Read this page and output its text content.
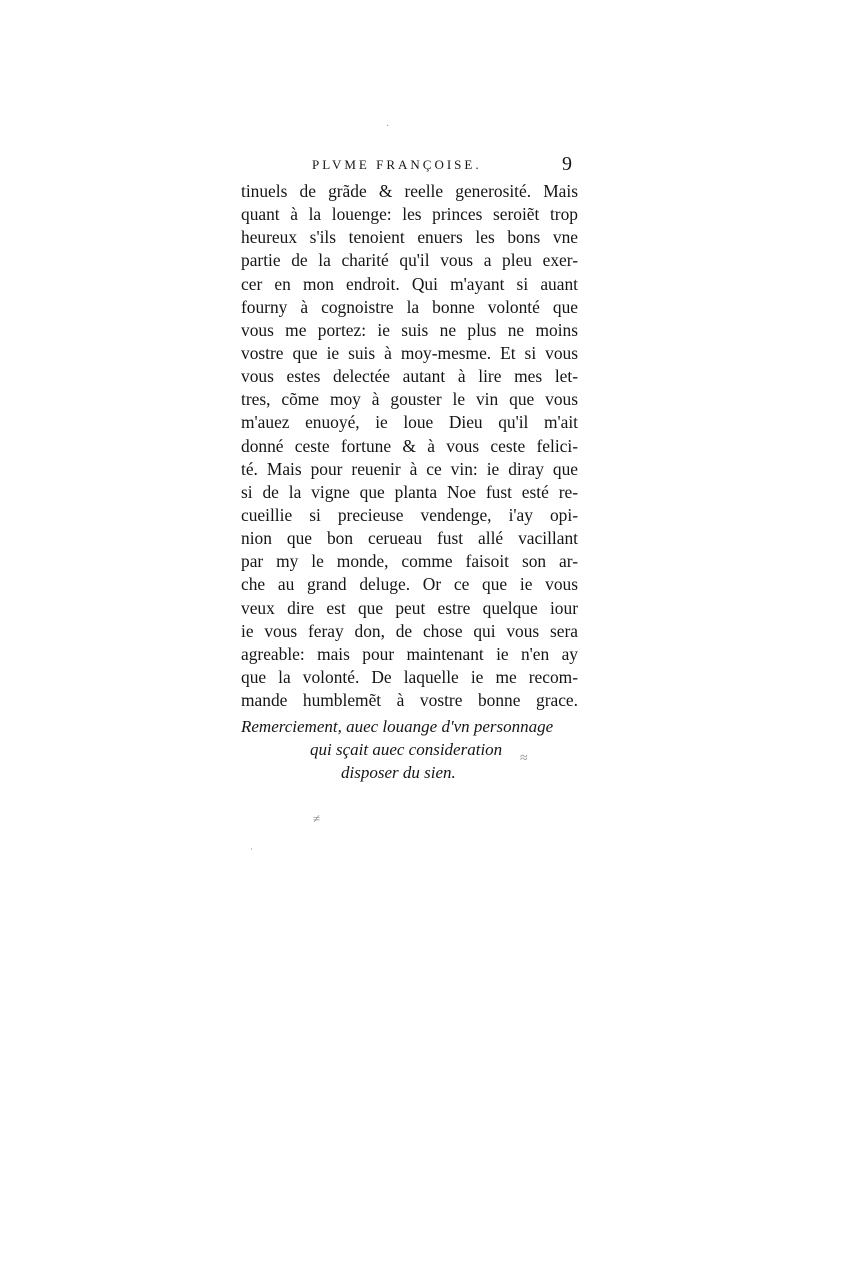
·
≈
≠
·
PLVME FRANÇOISE.	9
tinuels de grãde & reelle generosité. Mais
quant à la louenge: les princes seroiẽt trop
heureux s'ils tenoient enuers les bons vne
partie de la charité qu'il vous a pleu exer-
cer en mon endroit. Qui m'ayant si auant
fourny à cognoistre la bonne volonté que
vous me portez: ie suis ne plus ne moins
vostre que ie suis à moy-mesme. Et si vous
vous estes delectée autant à lire mes let-
tres, cõme moy à gouster le vin que vous
m'auez enuoyé, ie loue Dieu qu'il m'ait
donné ceste fortune & à vous ceste felici-
té. Mais pour reuenir à ce vin: ie diray que
si de la vigne que planta Noe fust esté re-
cueillie si precieuse vendenge, i'ay opi-
nion que bon cerueau fust allé vacillant
par my le monde, comme faisoit son ar-
che au grand deluge. Or ce que ie vous
veux dire est que peut estre quelque iour
ie vous feray don, de chose qui vous sera
agreable: mais pour maintenant ie n'en ay
que la volonté. De laquelle ie me recom-
mande humblemẽt à vostre bonne grace.
Remerciement, auec louange d'vn personnage
qui sçait auec consideration
disposer du sien.
